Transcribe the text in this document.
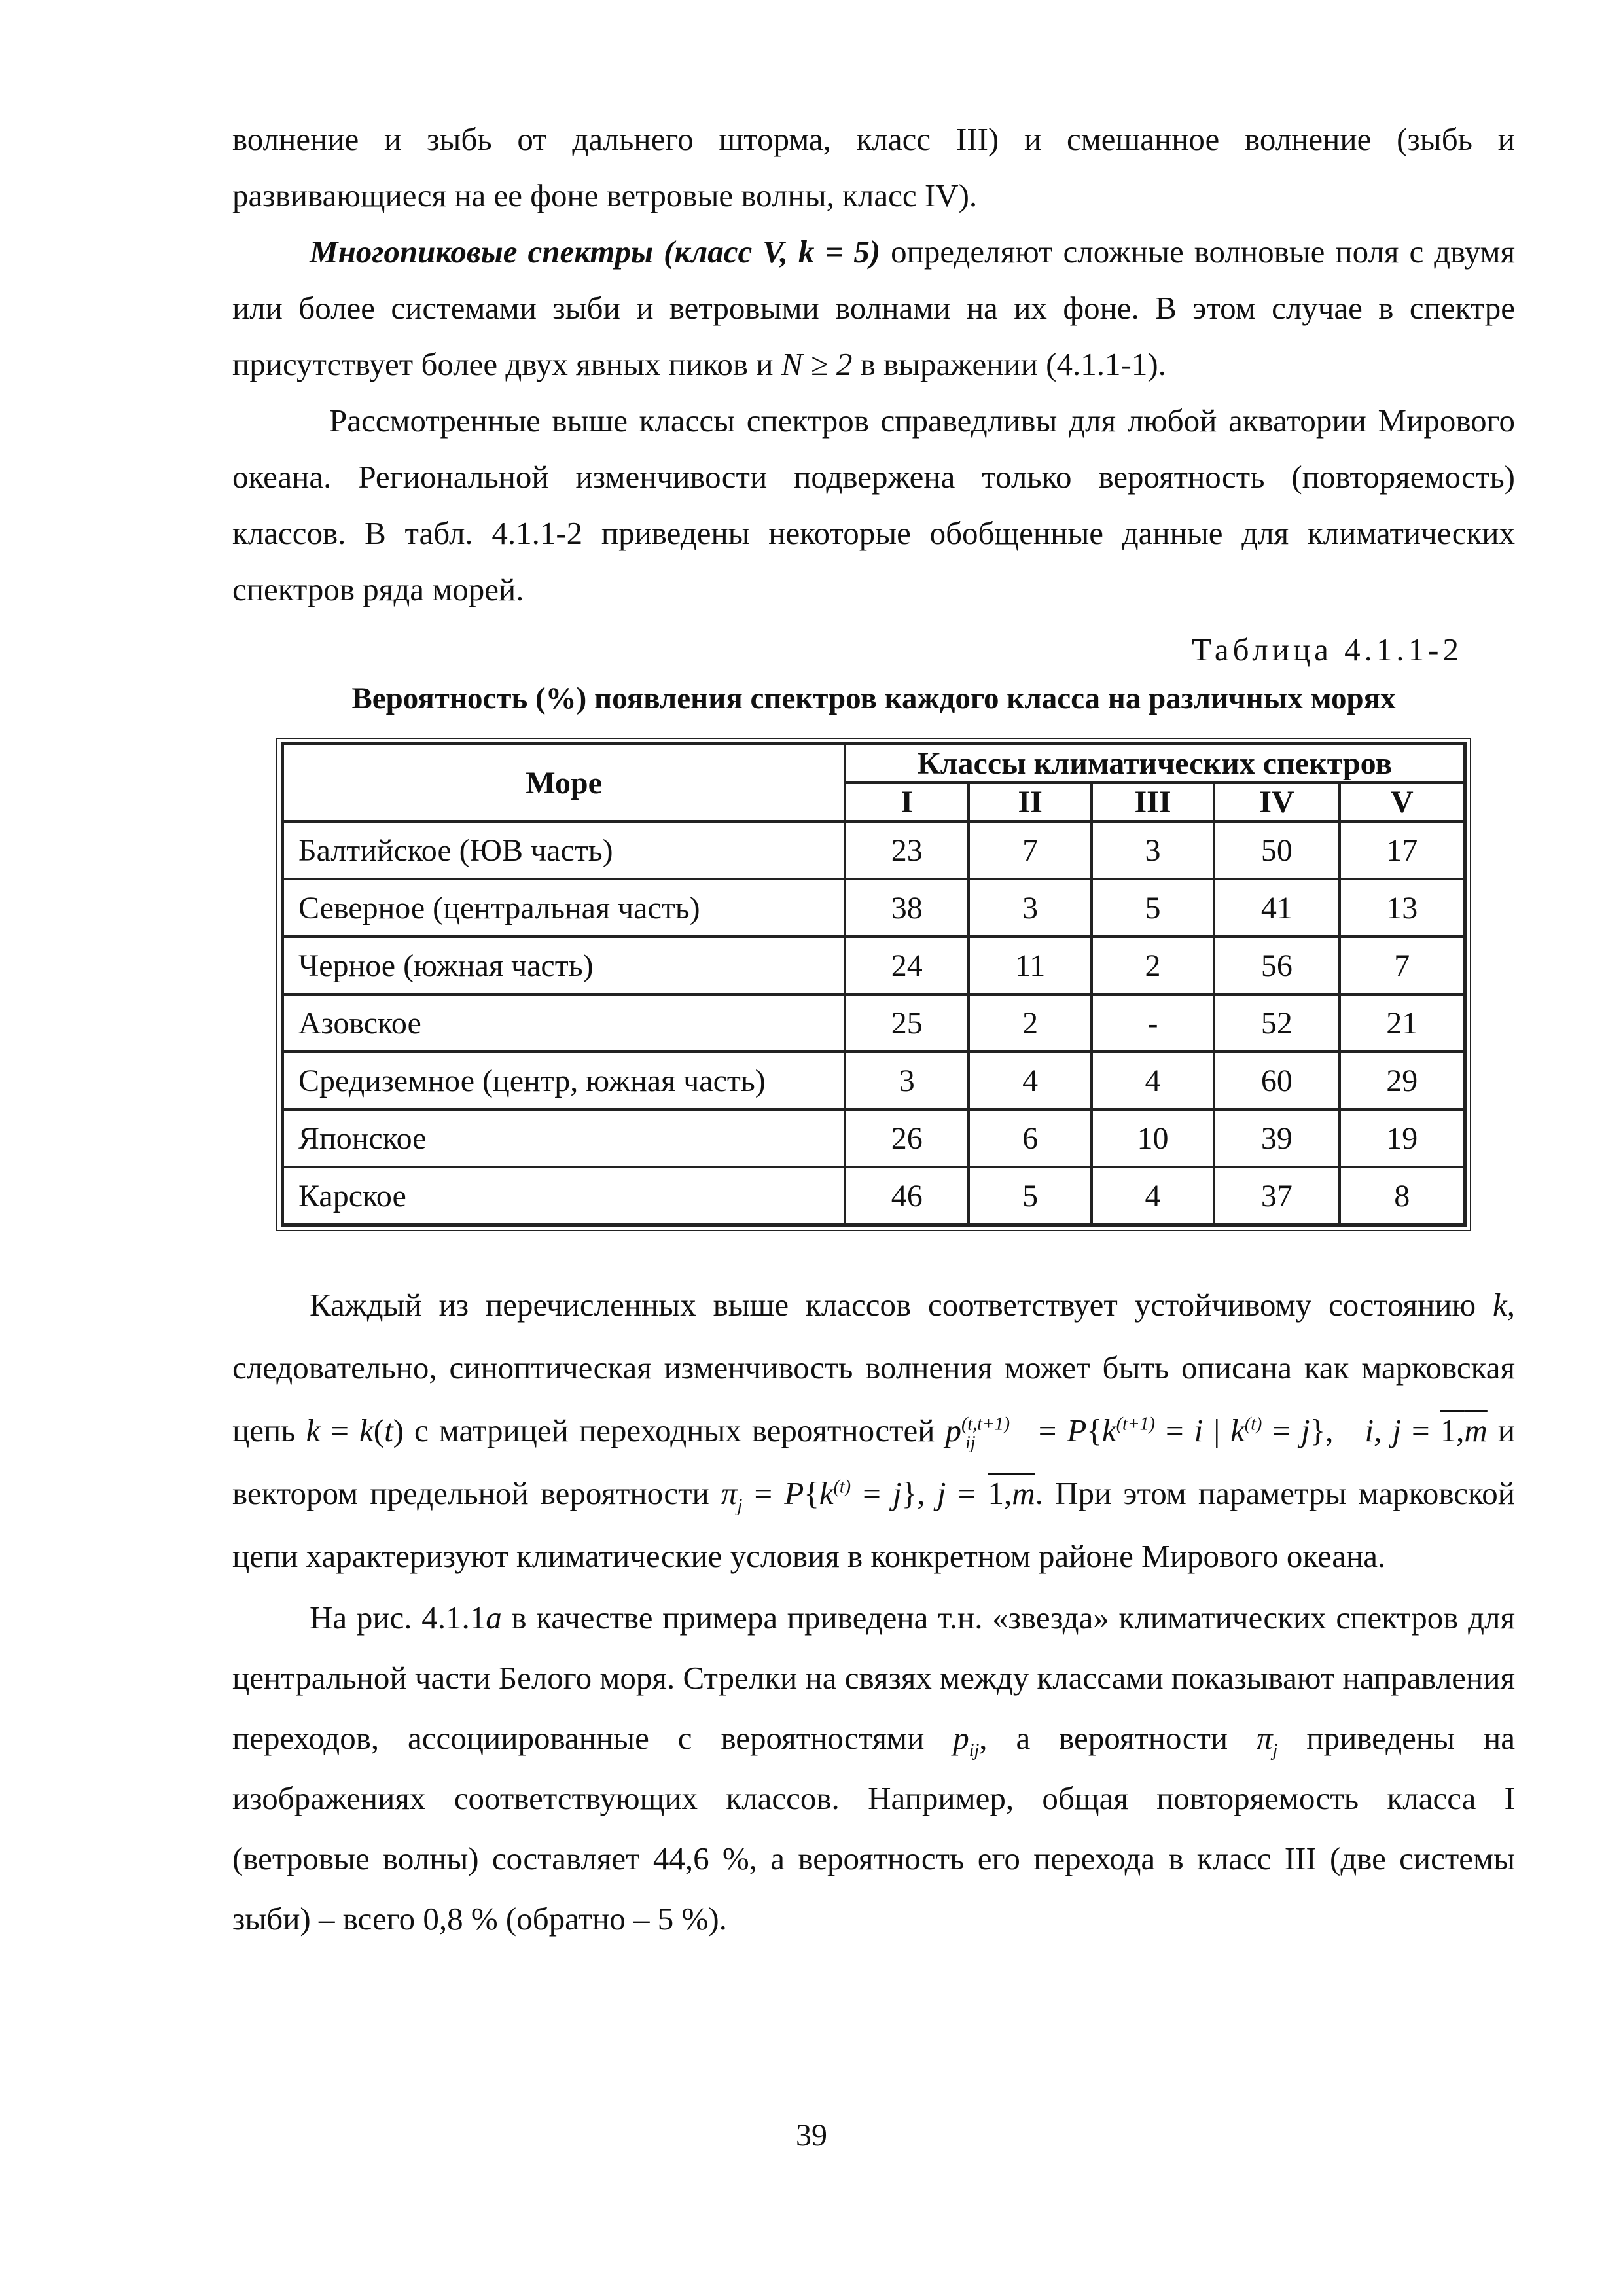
волнение и зыбь от дальнего шторма, класс III) и смешанное волнение (зыбь и развивающиеся на ее фоне ветровые волны, класс IV).

Многопиковые спектры (класс V, k = 5) определяют сложные волновые поля с двумя или более системами зыби и ветровыми волнами на их фоне. В этом случае в спектре присутствует более двух явных пиков и N ≥ 2 в выражении (4.1.1-1).

Рассмотренные выше классы спектров справедливы для любой акватории Мирового океана. Региональной изменчивости подвержена только вероятность (повторяемость) классов. В табл. 4.1.1-2 приведены некоторые обобщенные данные для климатических спектров ряда морей.

Таблица 4.1.1-2
Вероятность (%) появления спектров каждого класса на различных морях
Море	Классы климатических спектров				
	I	II	III	IV	V
Балтийское (ЮВ часть)	23	7	3	50	17
Северное (центральная часть)	38	3	5	41	13
Черное (южная часть)	24	11	2	56	7
Азовское	25	2	-	52	21
Средиземное (центр, южная часть)	3	4	4	60	29
Японское	26	6	10	39	19
Карское	46	5	4	37	8

Каждый из перечисленных выше классов соответствует устойчивому состоянию k, следовательно, синоптическая изменчивость волнения может быть описана как марковская цепь k = k(t) с матрицей переходных вероятностей $p^{(t,t+1)}_{ij} = P\{k^{(t+1)} = i$ | $k^{(t)} = j$},   i, j = 1,m и вектором предельной вероятности $\pi_j = P\{k^{(t)} = j\}$, j = 1,m. При этом параметры марковской цепи характеризуют климатические условия в конкретном районе Мирового океана.

На рис. 4.1.1а в качестве примера приведена т.н. «звезда» климатических спектров для центральной части Белого моря. Стрелки на связях между классами показывают направления переходов, ассоциированные с вероятностями $p_{ij}$, а вероятности $\pi_j$ приведены на изображениях соответствующих классов. Например, общая повторяемость класса I (ветровые волны) составляет 44,6 %, а вероятность его перехода в класс III (две системы зыби) – всего 0,8 % (обратно – 5 %).

39
